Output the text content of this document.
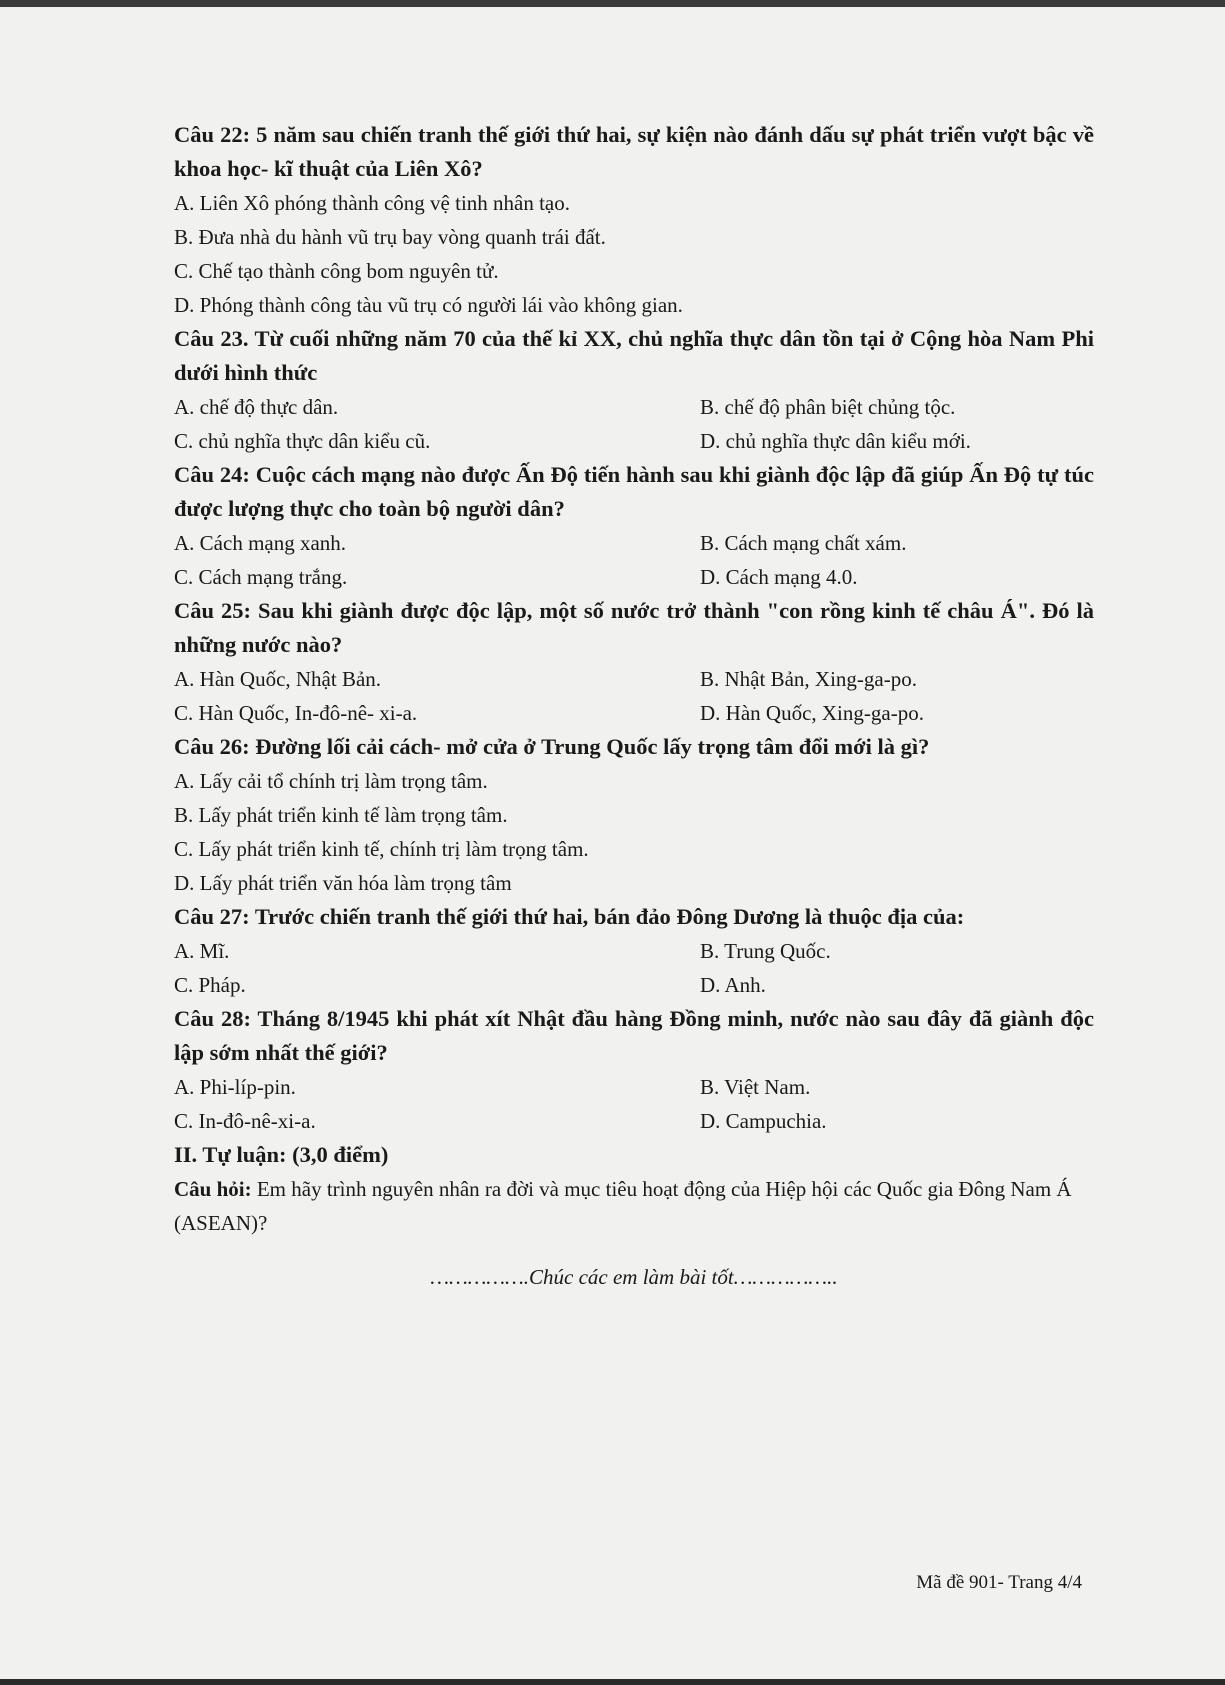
Câu 22: 5 năm sau chiến tranh thế giới thứ hai, sự kiện nào đánh dấu sự phát triển vượt bậc về khoa học- kĩ thuật của Liên Xô?

A. Liên Xô phóng thành công vệ tinh nhân tạo.

B. Đưa nhà du hành vũ trụ bay vòng quanh trái đất.

C. Chế tạo thành công bom nguyên tử.

D. Phóng thành công tàu vũ trụ có người lái vào không gian.

Câu 23. Từ cuối những năm 70 của thế kỉ XX, chủ nghĩa thực dân tồn tại ở Cộng hòa Nam Phi dưới hình thức

A. chế độ thực dân.	B. chế độ phân biệt chủng tộc.

C. chủ nghĩa thực dân kiểu cũ.	D. chủ nghĩa thực dân kiểu mới.

Câu 24: Cuộc cách mạng nào được Ấn Độ tiến hành sau khi giành độc lập đã giúp Ấn Độ tự túc được lượng thực cho toàn bộ người dân?

A. Cách mạng xanh.	B. Cách mạng chất xám.

C. Cách mạng trắng.	D. Cách mạng 4.0.

Câu 25: Sau khi giành được độc lập, một số nước trở thành "con rồng kinh tế châu Á". Đó là những nước nào?

A. Hàn Quốc, Nhật Bản.	B. Nhật Bản, Xing-ga-po.

C. Hàn Quốc, In-đô-nê- xi-a.	D. Hàn Quốc, Xing-ga-po.

Câu 26: Đường lối cải cách- mở cửa ở Trung Quốc lấy trọng tâm đổi mới là gì?

A. Lấy cải tổ chính trị làm trọng tâm.

B. Lấy phát triển kinh tế làm trọng tâm.

C. Lấy phát triển kinh tế, chính trị làm trọng tâm.

D. Lấy phát triển văn hóa làm trọng tâm

Câu 27: Trước chiến tranh thế giới thứ hai, bán đảo Đông Dương là thuộc địa của:

A. Mĩ.	B. Trung Quốc.

C. Pháp.	D. Anh.

Câu 28: Tháng 8/1945 khi phát xít Nhật đầu hàng Đồng minh, nước nào sau đây đã giành độc lập sớm nhất thế giới?

A. Phi-líp-pin.	B. Việt Nam.

C. In-đô-nê-xi-a.	D. Campuchia.

II. Tự luận: (3,0 điểm)

Câu hỏi: Em hãy trình nguyên nhân ra đời và mục tiêu hoạt động của Hiệp hội các Quốc gia Đông Nam Á (ASEAN)?

…………….Chúc các em làm bài tốt……………..

Mã đề 901- Trang 4/4
